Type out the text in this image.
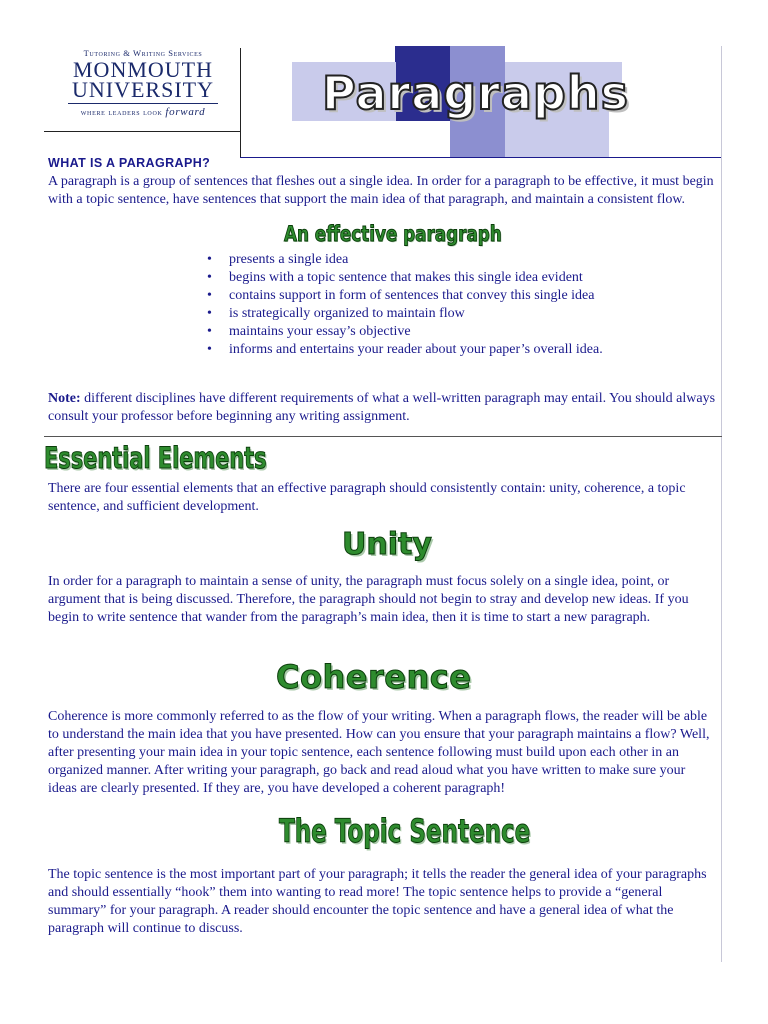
Tutoring & Writing Services
MONMOUTH
UNIVERSITY
where leaders look forward	Paragraphs
WHAT IS A PARAGRAPH?
A paragraph is a group of sentences that fleshes out a single idea. In order for a paragraph to be effective, it must begin with a topic sentence, have sentences that support the main idea of that paragraph, and maintain a consistent flow.
An effective paragraph
• presents a single idea
• begins with a topic sentence that makes this single idea evident
• contains support in form of sentences that convey this single idea
• is strategically organized to maintain flow
• maintains your essay’s objective
• informs and entertains your reader about your paper’s overall idea.
Note: different disciplines have different requirements of what a well-written paragraph may entail. You should always consult your professor before beginning any writing assignment.
Essential Elements
There are four essential elements that an effective paragraph should consistently contain: unity, coherence, a topic sentence, and sufficient development.
Unity
In order for a paragraph to maintain a sense of unity, the paragraph must focus solely on a single idea, point, or argument that is being discussed. Therefore, the paragraph should not begin to stray and develop new ideas. If you begin to write sentence that wander from the paragraph’s main idea, then it is time to start a new paragraph.
Coherence
Coherence is more commonly referred to as the flow of your writing. When a paragraph flows, the reader will be able to understand the main idea that you have presented. How can you ensure that your paragraph maintains a flow? Well, after presenting your main idea in your topic sentence, each sentence following must build upon each other in an organized manner. After writing your paragraph, go back and read aloud what you have written to make sure your ideas are clearly presented. If they are, you have developed a coherent paragraph!
The Topic Sentence
The topic sentence is the most important part of your paragraph; it tells the reader the general idea of your paragraphs and should essentially “hook” them into wanting to read more! The topic sentence helps to provide a “general summary” for your paragraph. A reader should encounter the topic sentence and have a general idea of what the paragraph will continue to discuss.
